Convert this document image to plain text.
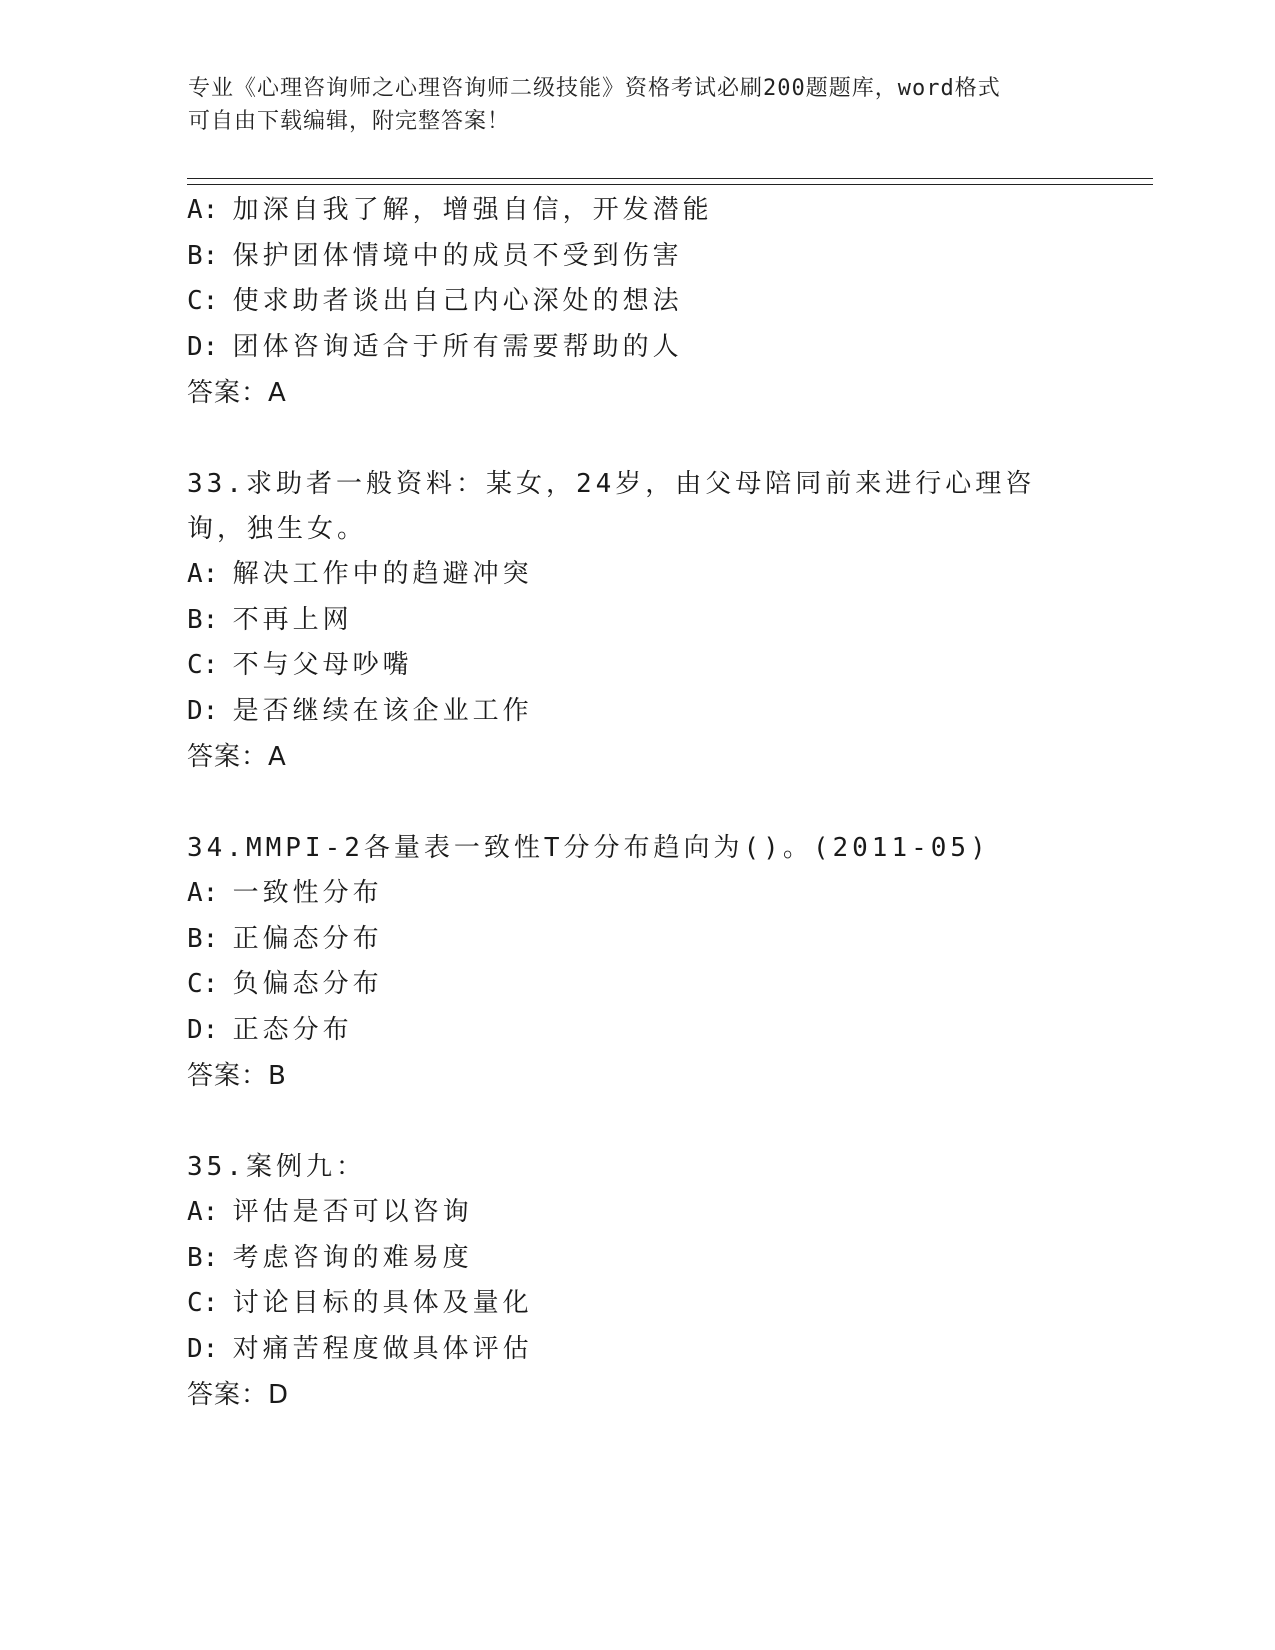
专业《心理咨询师之心理咨询师二级技能》资格考试必刷200题题库，word格式
可自由下载编辑，附完整答案！
A: 加深自我了解，增强自信，开发潜能
B: 保护团体情境中的成员不受到伤害
C: 使求助者谈出自己内心深处的想法
D: 团体咨询适合于所有需要帮助的人
答案：A
33.求助者一般资料：某女，24岁，由父母陪同前来进行心理咨询，独生女。
A: 解决工作中的趋避冲突
B: 不再上网
C: 不与父母吵嘴
D: 是否继续在该企业工作
答案：A
34.MMPI-2各量表一致性T分分布趋向为()。(2011-05)
A: 一致性分布
B: 正偏态分布
C: 负偏态分布
D: 正态分布
答案：B
35.案例九：
A: 评估是否可以咨询
B: 考虑咨询的难易度
C: 讨论目标的具体及量化
D: 对痛苦程度做具体评估
答案：D
